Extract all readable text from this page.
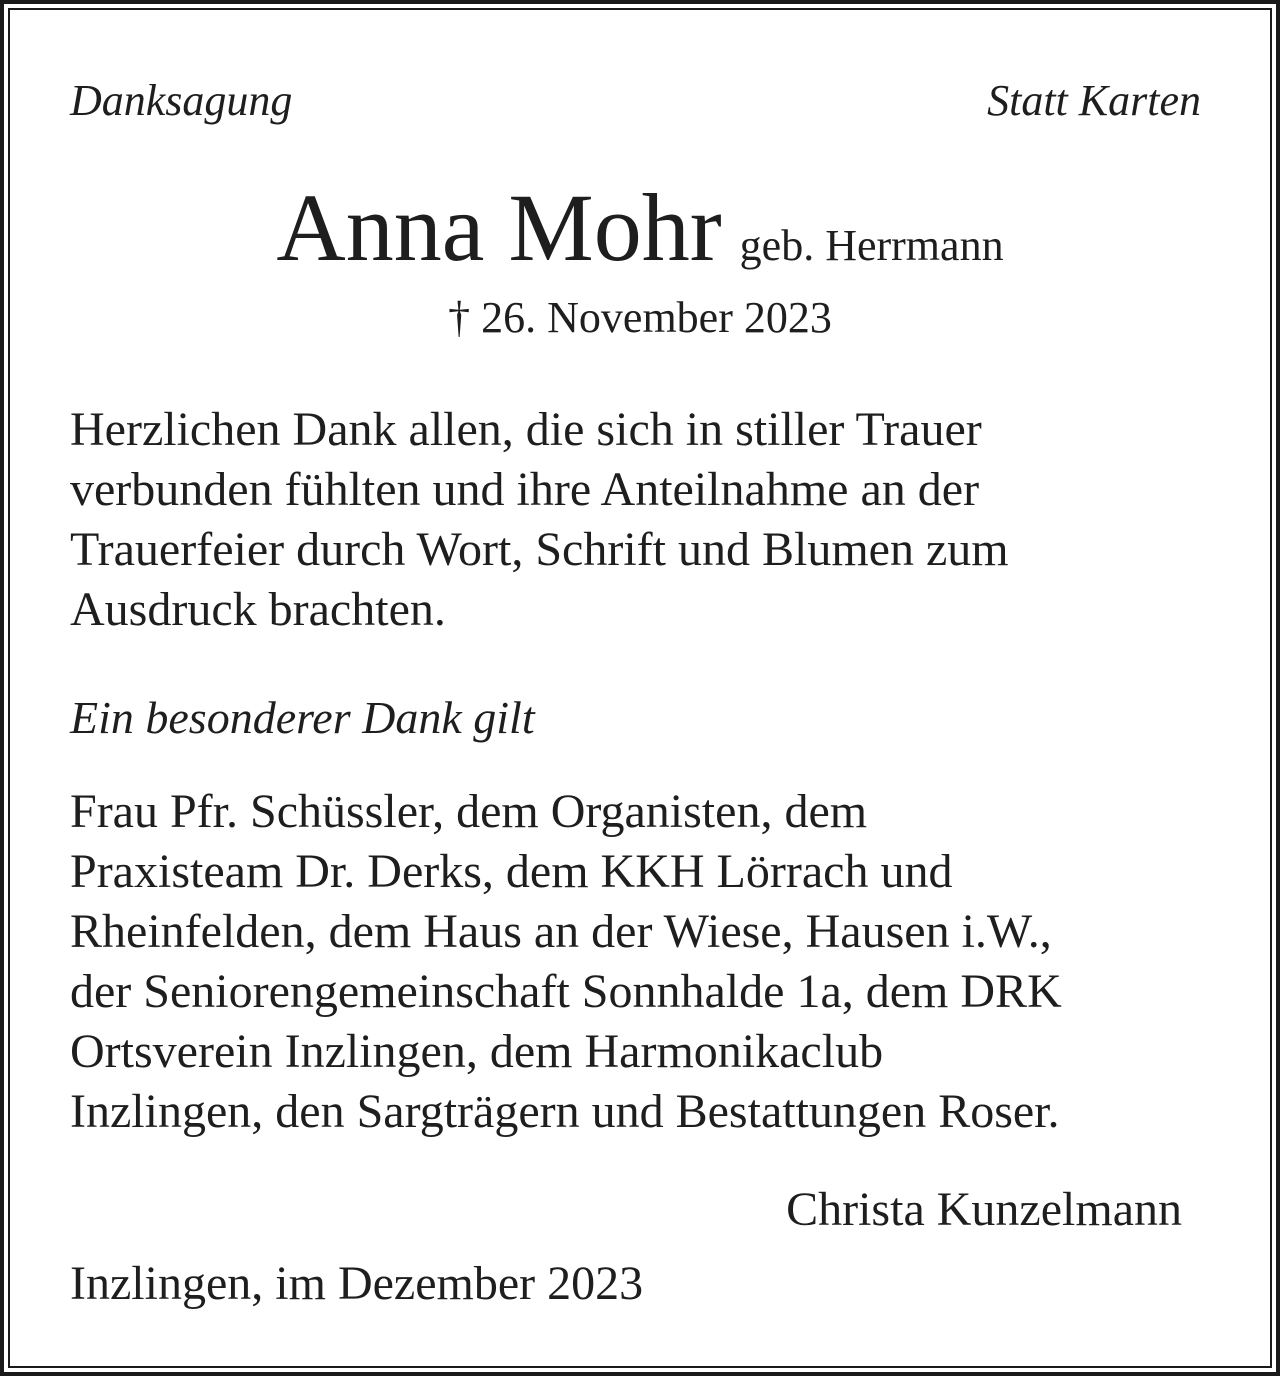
Danksagung	Statt Karten

Anna Mohr geb. Herrmann
† 26. November 2023
Herzlichen Dank allen, die sich in stiller Trauer
verbunden fühlten und ihre Anteilnahme an der
Trauerfeier durch Wort, Schrift und Blumen zum
Ausdruck brachten.
Ein besonderer Dank gilt
Frau Pfr. Schüssler, dem Organisten, dem
Praxisteam Dr. Derks, dem KKH Lörrach und
Rheinfelden, dem Haus an der Wiese, Hausen i.W.,
der Seniorengemeinschaft Sonnhalde 1a, dem DRK
Ortsverein Inzlingen, dem Harmonikaclub
Inzlingen, den Sargträgern und Bestattungen Roser.
Christa Kunzelmann
Inzlingen, im Dezember 2023
